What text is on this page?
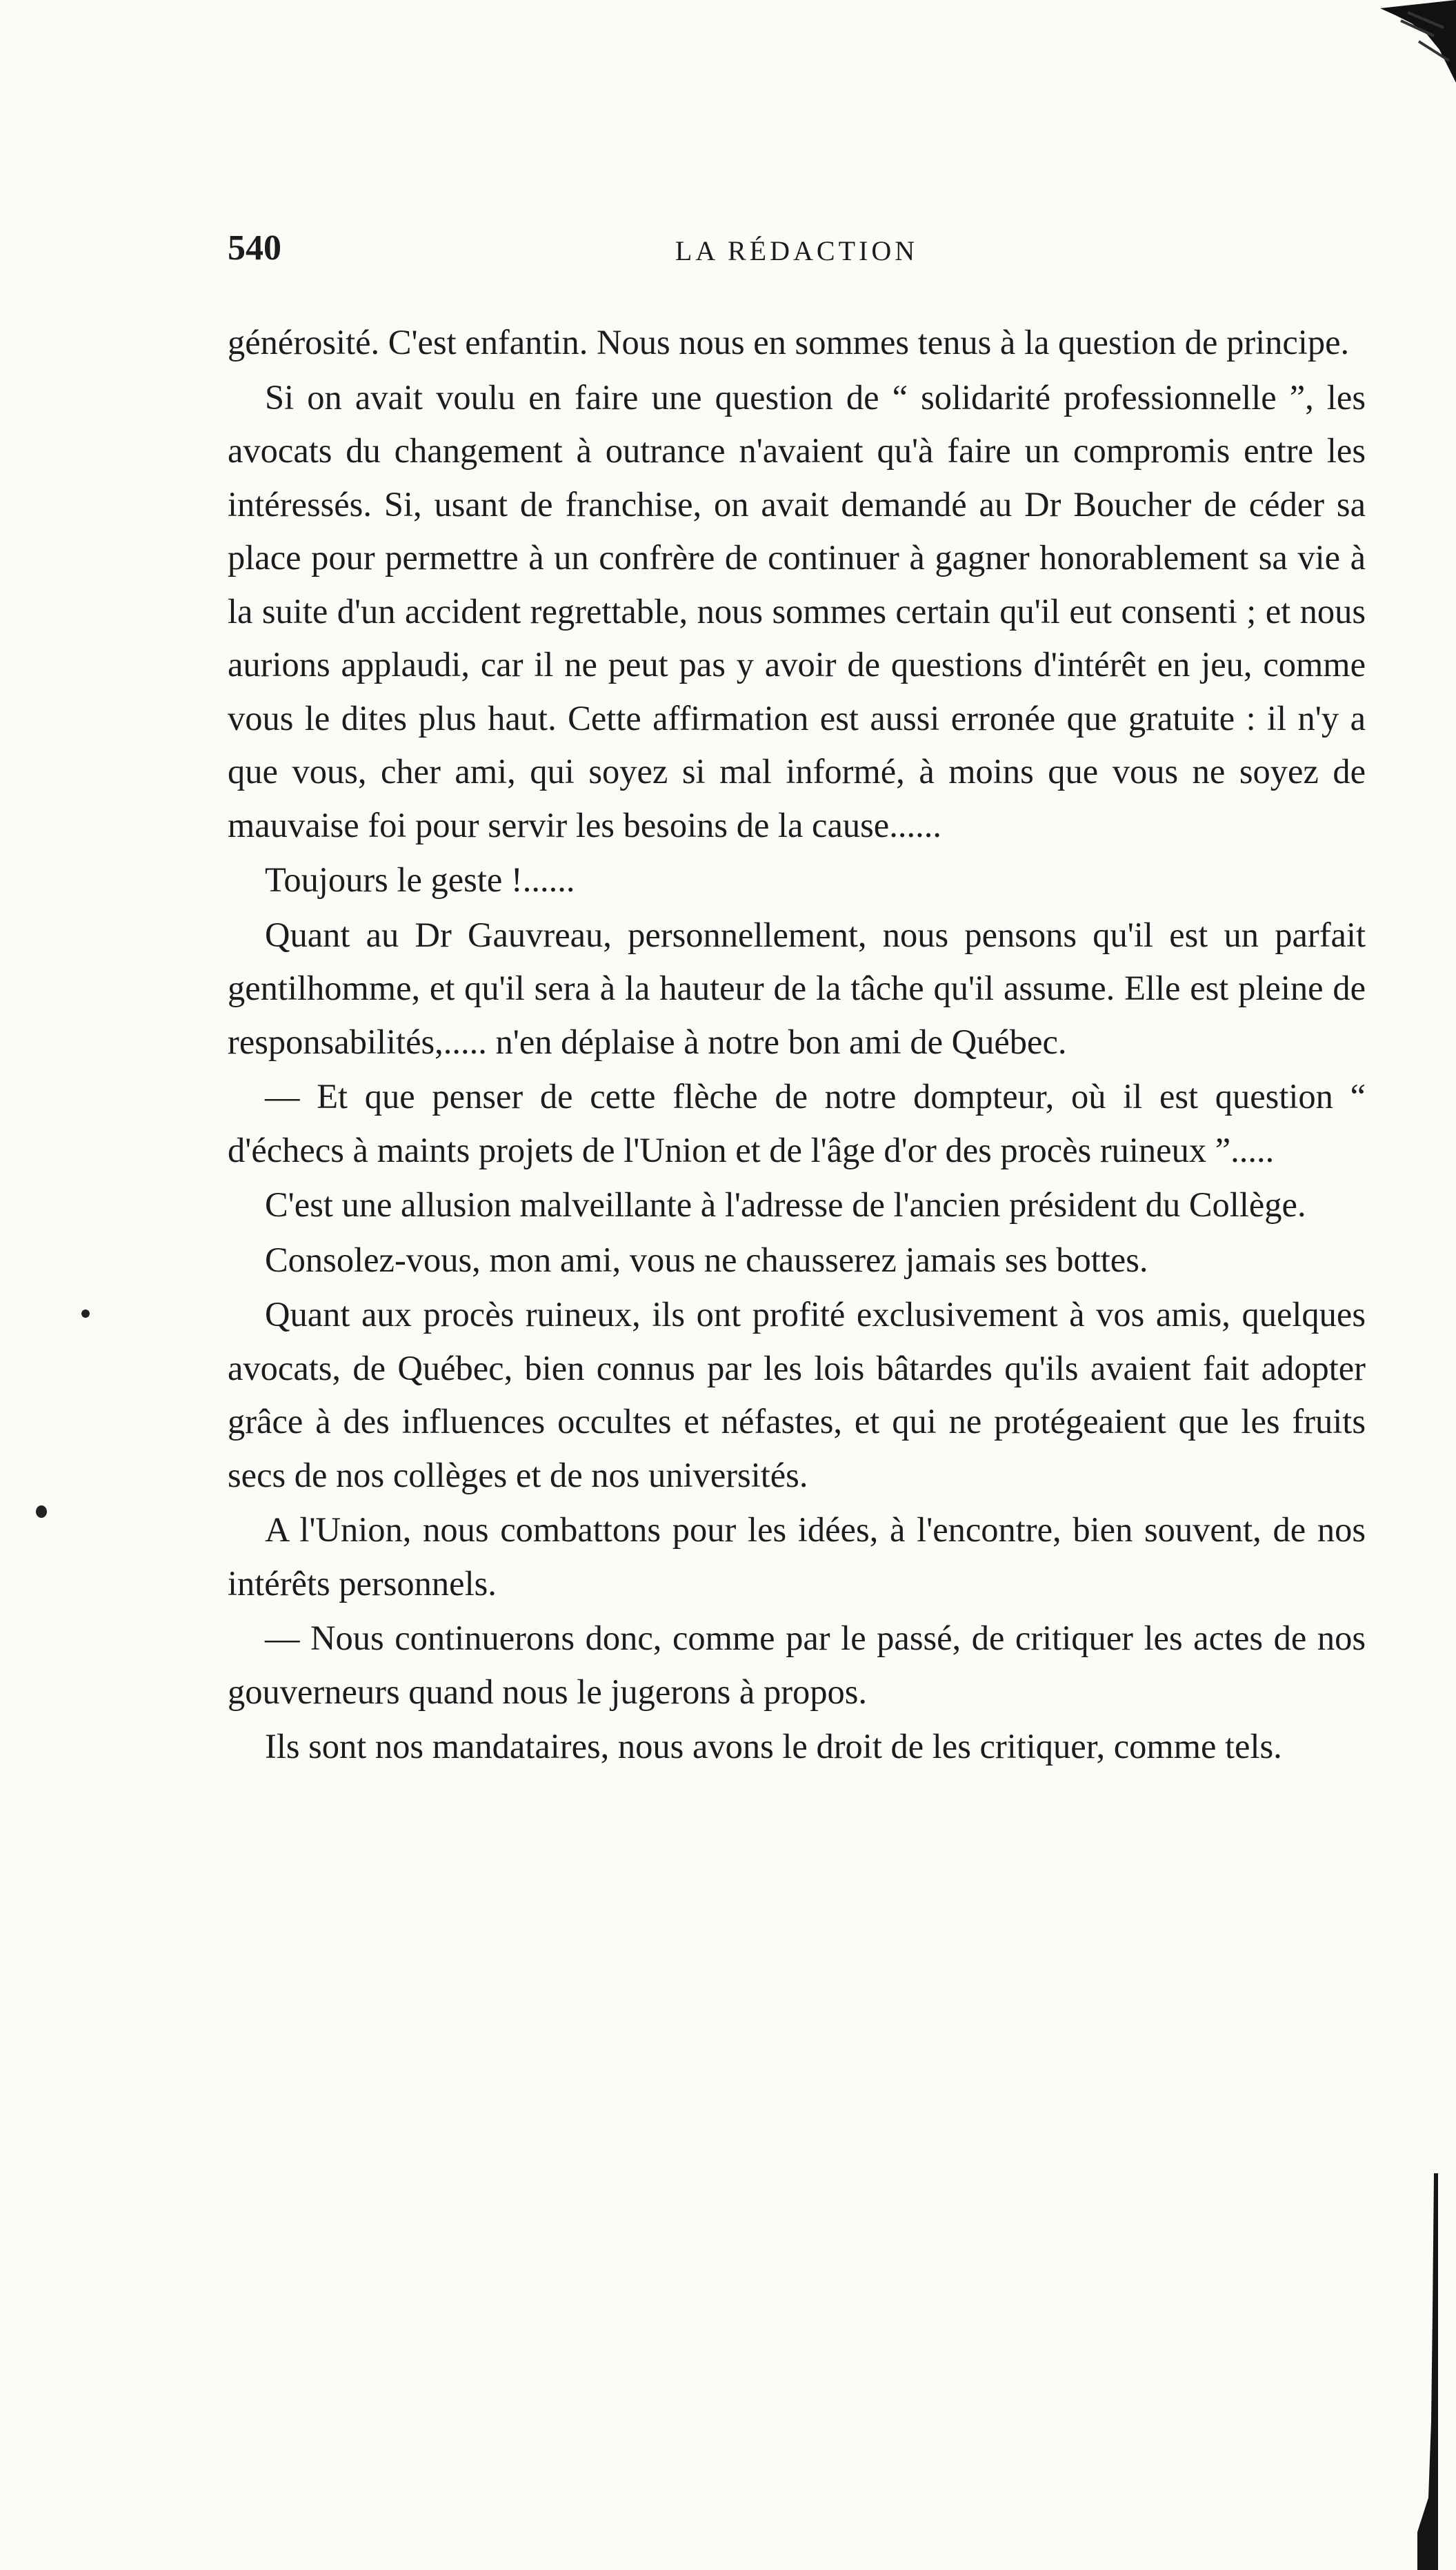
540	LA RÉDACTION

générosité. C'est enfantin. Nous nous en sommes tenus à la question de principe.

Si on avait voulu en faire une question de “ solidarité professionnelle ”, les avocats du changement à outrance n'avaient qu'à faire un compromis entre les intéressés. Si, usant de franchise, on avait demandé au Dr Boucher de céder sa place pour permettre à un confrère de continuer à gagner honorablement sa vie à la suite d'un accident regrettable, nous sommes certain qu'il eut consenti ; et nous aurions applaudi, car il ne peut pas y avoir de questions d'intérêt en jeu, comme vous le dites plus haut. Cette affirmation est aussi erronée que gratuite : il n'y a que vous, cher ami, qui soyez si mal informé, à moins que vous ne soyez de mauvaise foi pour servir les besoins de la cause......

Toujours le geste !......

Quant au Dr Gauvreau, personnellement, nous pensons qu'il est un parfait gentilhomme, et qu'il sera à la hauteur de la tâche qu'il assume. Elle est pleine de responsabilités,..... n'en déplaise à notre bon ami de Québec.

— Et que penser de cette flèche de notre dompteur, où il est question “ d'échecs à maints projets de l'Union et de l'âge d'or des procès ruineux ”.....

C'est une allusion malveillante à l'adresse de l'ancien président du Collège.

Consolez-vous, mon ami, vous ne chausserez jamais ses bottes.

Quant aux procès ruineux, ils ont profité exclusivement à vos amis, quelques avocats, de Québec, bien connus par les lois bâtardes qu'ils avaient fait adopter grâce à des influences occultes et néfastes, et qui ne protégeaient que les fruits secs de nos collèges et de nos universités.

A l'Union, nous combattons pour les idées, à l'encontre, bien souvent, de nos intérêts personnels.

— Nous continuerons donc, comme par le passé, de critiquer les actes de nos gouverneurs quand nous le jugerons à propos.

Ils sont nos mandataires, nous avons le droit de les critiquer, comme tels.
